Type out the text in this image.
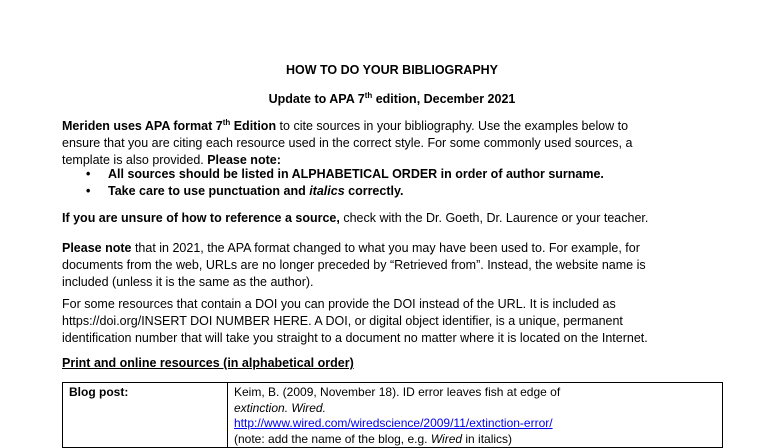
HOW TO DO YOUR BIBLIOGRAPHY
Update to APA 7th edition, December 2021
Meriden uses APA format 7th Edition to cite sources in your bibliography. Use the examples below to
ensure that you are citing each resource used in the correct style. For some commonly used sources, a
template is also provided. Please note:
• All sources should be listed in ALPHABETICAL ORDER in order of author surname.
• Take care to use punctuation and italics correctly.
If you are unsure of how to reference a source, check with the Dr. Goeth, Dr. Laurence or your teacher.
Please note that in 2021, the APA format changed to what you may have been used to. For example, for
documents from the web, URLs are no longer preceded by “Retrieved from”. Instead, the website name is
included (unless it is the same as the author).
For some resources that contain a DOI you can provide the DOI instead of the URL. It is included as
https://doi.org/INSERT DOI NUMBER HERE. A DOI, or digital object identifier, is a unique, permanent
identification number that will take you straight to a document no matter where it is located on the Internet.
Print and online resources (in alphabetical order)
Blog post:	Keim, B. (2009, November 18). ID error leaves fish at edge of
extinction. Wired.
http://www.wired.com/wiredscience/2009/11/extinction-error/
(note: add the name of the blog, e.g. Wired in italics)
